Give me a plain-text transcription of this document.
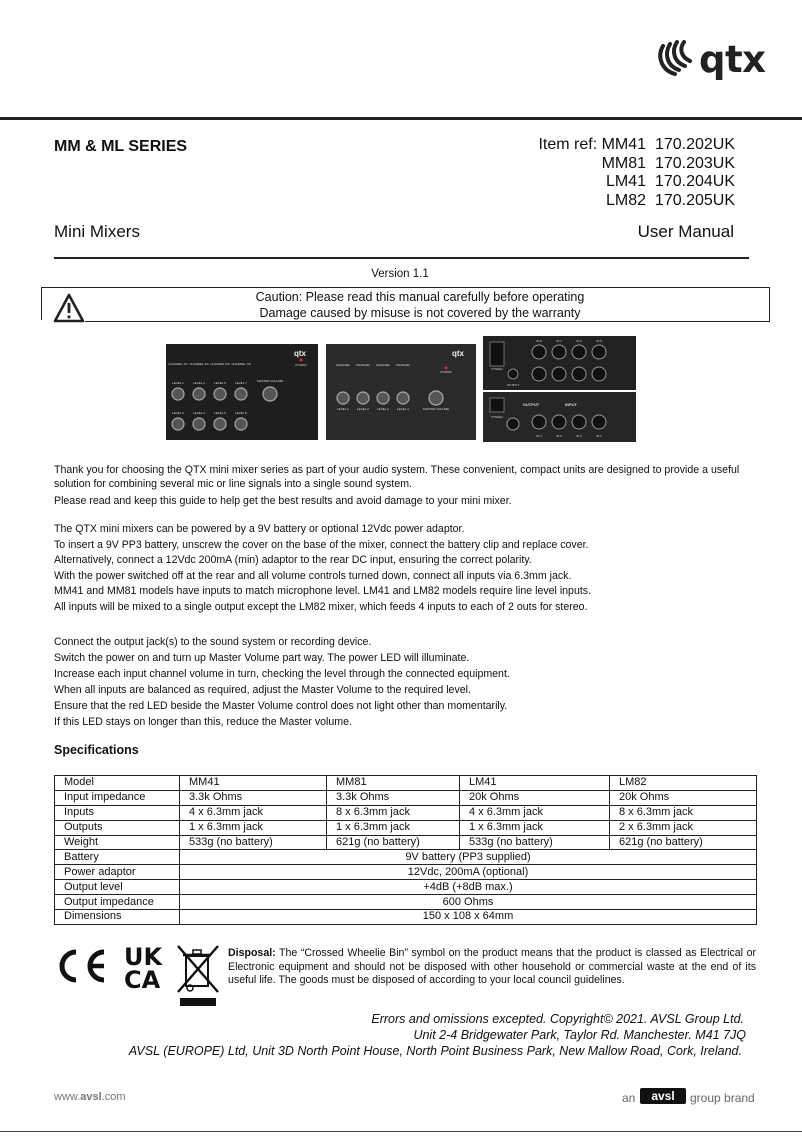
qtx
MM & ML SERIES	Item ref: MM41  170.202UK
MM81  170.203UK
LM41  170.204UK
LM82  170.205UK
Mini Mixers	User Manual
Version 1.1
Caution: Please read this manual carefully before operating
Damage caused by misuse is not covered by the warranty
qtx
POWER
CHANNEL 1/2 CHANNEL 3/4 CHANNEL 5/6 CHANNEL 7/8
LEVEL 1	LEVEL 3	LEVEL 5	LEVEL 7
LEVEL 2	LEVEL 4	LEVEL 6	LEVEL 8
MASTER VOLUME
qtx
POWER
CHANNEL CHANNEL CHANNEL CHANNEL
LEVEL 1	LEVEL 2	LEVEL 3	LEVEL 4	MASTER VOLUME
POWER
IN 8	IN 7	IN 6	IN 5
OUTPUT
OUTPUT	INPUT
POWER
IN 4	IN 3	IN 2	IN 1
Thank you for choosing the QTX mini mixer series as part of your audio system. These convenient, compact units are designed to provide a useful solution for combining several mic or line signals into a single sound system.
Please read and keep this guide to help get the best results and avoid damage to your mini mixer.
The QTX mini mixers can be powered by a 9V battery or optional 12Vdc power adaptor.
To insert a 9V PP3 battery, unscrew the cover on the base of the mixer, connect the battery clip and replace cover.
Alternatively, connect a 12Vdc 200mA (min) adaptor to the rear DC input, ensuring the correct polarity.
With the power switched off at the rear and all volume controls turned down, connect all inputs via 6.3mm jack.
MM41 and MM81 models have inputs to match microphone level. LM41 and LM82 models require line level inputs.
All inputs will be mixed to a single output except the LM82 mixer, which feeds 4 inputs to each of 2 outs for stereo.
Connect the output jack(s) to the sound system or recording device.
Switch the power on and turn up Master Volume part way. The power LED will illuminate.
Increase each input channel volume in turn, checking the level through the connected equipment.
When all inputs are balanced as required, adjust the Master Volume to the required level.
Ensure that the red LED beside the Master Volume control does not light other than momentarily.
If this LED stays on longer than this, reduce the Master volume.
Specifications
Model	MM41	MM81	LM41	LM82
Input impedance	3.3k Ohms	3.3k Ohms	20k Ohms	20k Ohms
Inputs	4 x 6.3mm jack	8 x 6.3mm jack	4 x 6.3mm jack	8 x 6.3mm jack
Outputs	1 x 6.3mm jack	1 x 6.3mm jack	1 x 6.3mm jack	2 x 6.3mm jack
Weight	533g (no battery)	621g (no battery)	533g (no battery)	621g (no battery)
Battery	9V battery (PP3 supplied)			
Power adaptor	12Vdc, 200mA (optional)			
Output level	+4dB (+8dB max.)			
Output impedance	600 Ohms			
Dimensions	150 x 108 x 64mm			
UK
CA
Disposal: The “Crossed Wheelie Bin” symbol on the product means that the product is classed as Electrical or Electronic equipment and should not be disposed with other household or commercial waste at the end of its useful life. The goods must be disposed of according to your local council guidelines.
Errors and omissions excepted. Copyright© 2021. AVSL Group Ltd.
Unit 2-4 Bridgewater Park, Taylor Rd. Manchester. M41 7JQ
AVSL (EUROPE) Ltd, Unit 3D North Point House, North Point Business Park, New Mallow Road, Cork, Ireland.
www.avsl.com	an	avsl	group brand
